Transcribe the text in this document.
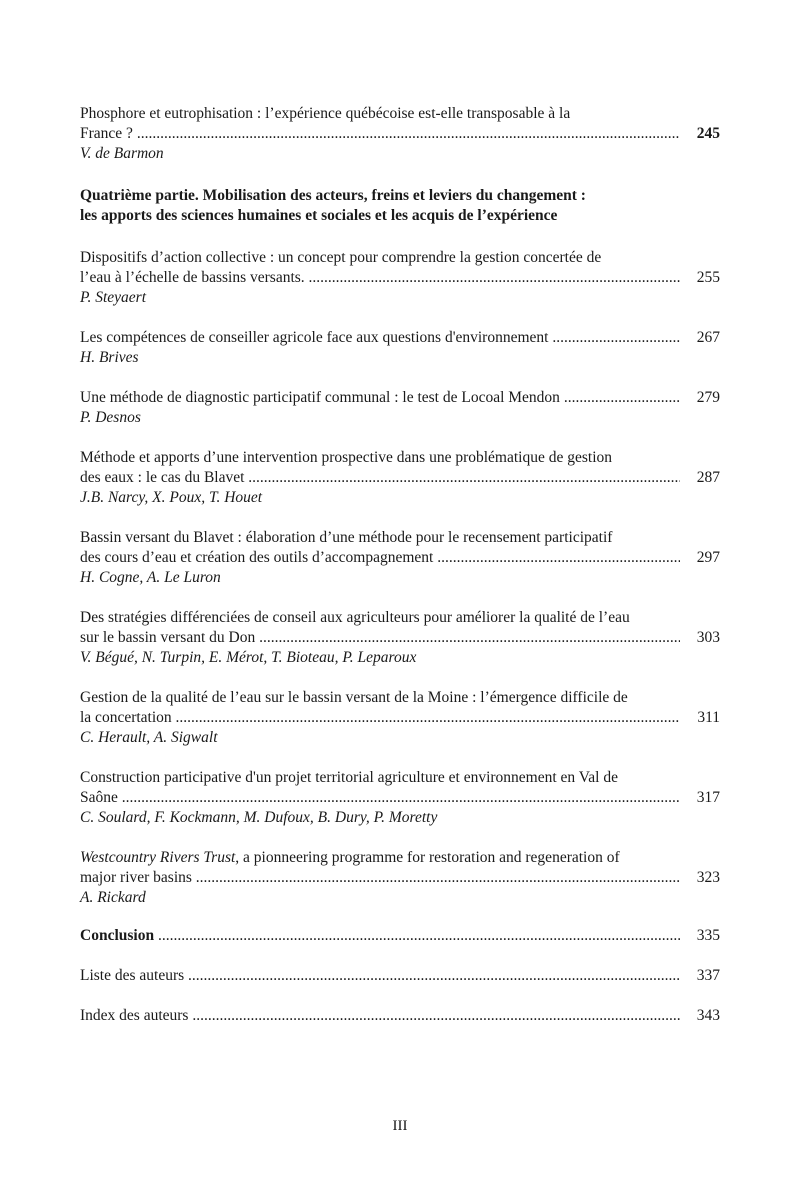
Phosphore et eutrophisation : l’expérience québécoise est-elle transposable à la
France ? .....	245
V. de Barmon
Quatrième partie. Mobilisation des acteurs, freins et leviers du changement :
les apports des sciences humaines et sociales et les acquis de l’expérience
Dispositifs d’action collective : un concept pour comprendre la gestion concertée de
l’eau à l’échelle de bassins versants. .....	255
P. Steyaert
Les compétences de conseiller agricole face aux questions d'environnement .....	267
H. Brives
Une méthode de diagnostic participatif communal : le test de Locoal Mendon .....	279
P. Desnos
Méthode et apports d’une intervention prospective dans une problématique de gestion
des eaux : le cas du Blavet .....	287
J.B. Narcy, X. Poux, T. Houet
Bassin versant du Blavet : élaboration d’une méthode pour le recensement participatif
des cours d’eau et création des outils d’accompagnement .....	297
H. Cogne, A. Le Luron
Des stratégies différenciées de conseil aux agriculteurs pour améliorer la qualité de l’eau
sur le bassin versant du Don .....	303
V. Bégué, N. Turpin, E. Mérot, T. Bioteau, P. Leparoux
Gestion de la qualité de l’eau sur le bassin versant de la Moine : l’émergence difficile de
la concertation .....	311
C. Herault, A. Sigwalt
Construction participative d'un projet territorial agriculture et environnement en Val de
Saône .....	317
C. Soulard, F. Kockmann, M. Dufoux, B. Dury, P. Moretty
Westcountry Rivers Trust, a pionneering programme for restoration and regeneration of
major river basins .....	323
A. Rickard
Conclusion .....	335
Liste des auteurs .....	337
Index des auteurs .....	343
III
